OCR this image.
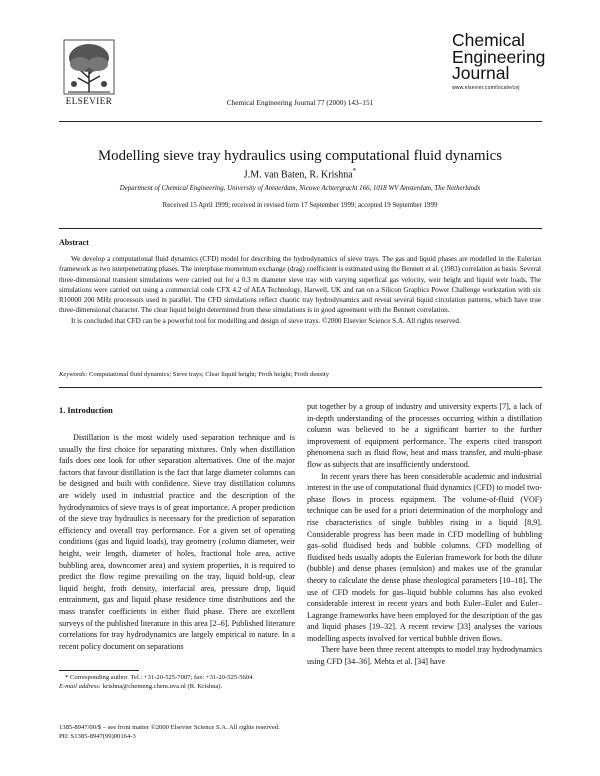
ELSEVIER	Chemical Engineering Journal 77 (2000) 143–151
Chemical
Engineering
Journal
www.elsevier.com/locate/cej
Modelling sieve tray hydraulics using computational fluid dynamics
J.M. van Baten, R. Krishna*
Department of Chemical Engineering, University of Amsterdam, Nieuwe Achtergracht 166, 1018 WV Amsterdam, The Netherlands
Received 15 April 1999; received in revised form 17 September 1999; accepted 19 September 1999
Abstract

We develop a computational fluid dynamics (CFD) model for describing the hydrodynamics of sieve trays. The gas and liquid phases are modelled in the Eulerian framework as two interpenetrating phases. The interphase momentum exchange (drag) coefficient is estimated using the Bennett et al. (1983) correlation as basis. Several three-dimensional transient simulations were carried out for a 0.3 m diameter sieve tray with varying superfical gas velocity, weir height and liquid weir loads. The simulations were carried out using a commercial code CFX 4.2 of AEA Technology, Harwell, UK and ran on a Silicon Graphics Power Challenge workstation with six R10000 200 MHz processors used in parallel. The CFD simulations reflect chaotic tray hydrodynamics and reveal several liquid circulation patterns, which have true three-dimensional character. The clear liquid height determined from these simulations is in good agreement with the Bennett correlation.

It is concluded that CFD can be a powerful tool for modelling and design of sieve trays. ©2000 Elsevier Science S.A. All rights reserved.

Keywords: Computational fluid dynamics; Sieve trays; Clear liquid height; Froth height; Froth density
1. Introduction

Distillation is the most widely used separation technique and is usually the first choice for separating mixtures. Only when distillation fails does one look for other separation alternatives. One of the major factors that favour distillation is the fact that large diameter columns can be designed and built with confidence. Sieve tray distillation columns are widely used in industrial practice and the description of the hydrodynamics of sieve trays is of great importance. A proper prediction of the sieve tray hydraulics is necessary for the prediction of separation efficiency and overall tray performance. For a given set of operating conditions (gas and liquid loads), tray geometry (column diameter, weir height, weir length, diameter of holes, fractional hole area, active bubbling area, downcomer area) and system properties, it is required to predict the flow regime prevailing on the tray, liquid hold-up, clear liquid height, froth density, interfacial area, pressure drop, liquid entrainment, gas and liquid phase residence time distributions and the mass transfer coefficients in either fluid phase. There are excellent surveys of the published literature in this area [2–6]. Published literature correlations for tray hydrodynamics are largely empirical in nature. In a recent policy document on separations

put together by a group of industry and university experts [7], a lack of in-depth understanding of the processes occurring within a distillation column was believed to be a significant barrier to the further improvement of equipment performance. The experts cited transport phenomena such as fluid flow, heat and mass transfer, and multi-phase flow as subjects that are insufficiently understood.

In recent years there has been considerable academic and industrial interest in the use of computational fluid dynamics (CFD) to model two-phase flows in process equipment. The volume-of-fluid (VOF) technique can be used for a priori determination of the morphology and rise characteristics of single bubbles rising in a liquid [8,9]. Considerable progress has been made in CFD modelling of bubbling gas–solid fluidised beds and bubble columns. CFD modelling of fluidised beds usually adopts the Eulerian framework for both the dilute (bubble) and dense phases (emulsion) and makes use of the granular theory to calculate the dense phase rheological parameters [10–18]. The use of CFD models for gas–liquid bubble columns has also evoked considerable interest in recent years and both Euler–Euler and Euler–Lagrange frameworks have been employed for the description of the gas and liquid phases [19–32]. A recent review [33] analyses the various modelling aspects involved for vertical bubble driven flows.

There have been three recent attempts to model tray hydrodynamics using CFD [34–36]. Mehta et al. [34] have

* Corresponding author. Tel.: +31-20-525-7007; fax: +31-20-525-5604.
E-mail address: krishna@chemeng.chem.uva.nl (R. Krishna).
1385-8947/00/$ – see front matter ©2000 Elsevier Science S.A. All rights reserved.
PII: S1385-8947(99)00164-3
